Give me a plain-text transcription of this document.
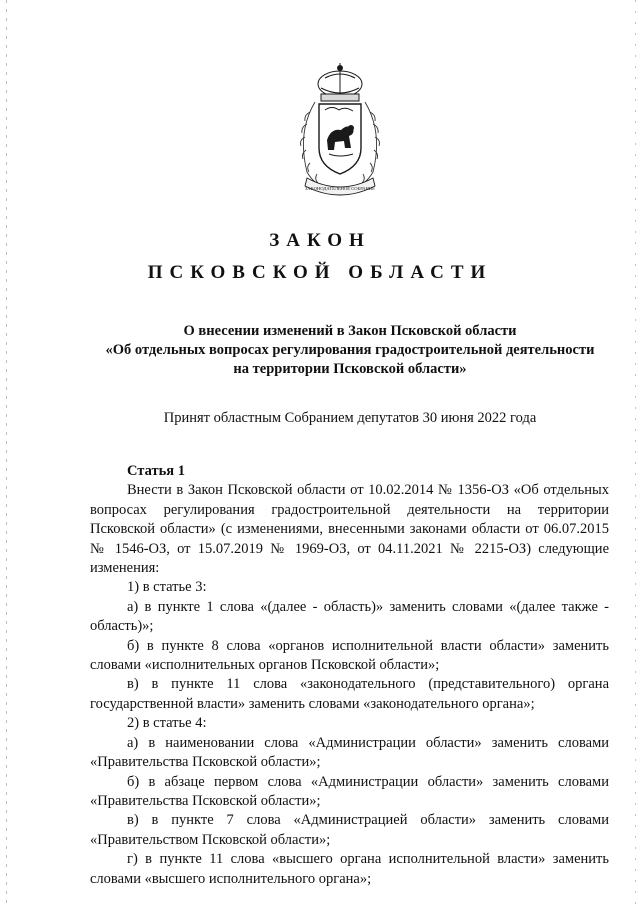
ЗАКОНОДАТЕЛЬНОЕ СОБРАНИЕ
ЗАКОН
ПСКОВСКОЙ ОБЛАСТИ
О внесении изменений в Закон Псковской области
«Об отдельных вопросах регулирования градостроительной деятельности
на территории Псковской области»
Принят областным Собранием депутатов 30 июня 2022 года
Статья 1

Внести в Закон Псковской области от 10.02.2014 № 1356-ОЗ «Об отдельных вопросах регулирования градостроительной деятельности на территории Псковской области» (с изменениями, внесенными законами области от 06.07.2015 № 1546-ОЗ, от 15.07.2019 № 1969-ОЗ, от 04.11.2021 № 2215-ОЗ) следующие изменения:

1) в статье 3:

а) в пункте 1 слова «(далее - область)» заменить словами «(далее также - область)»;

б) в пункте 8 слова «органов исполнительной власти области» заменить словами «исполнительных органов Псковской области»;

в) в пункте 11 слова «законодательного (представительного) органа государственной власти» заменить словами «законодательного органа»;

2) в статье 4:

а) в наименовании слова «Администрации области» заменить словами «Правительства Псковской области»;

б) в абзаце первом слова «Администрации области» заменить словами «Правительства Псковской области»;

в) в пункте 7 слова «Администрацией области» заменить словами «Правительством Псковской области»;

г) в пункте 11 слова «высшего органа исполнительной власти» заменить словами «высшего исполнительного органа»;
